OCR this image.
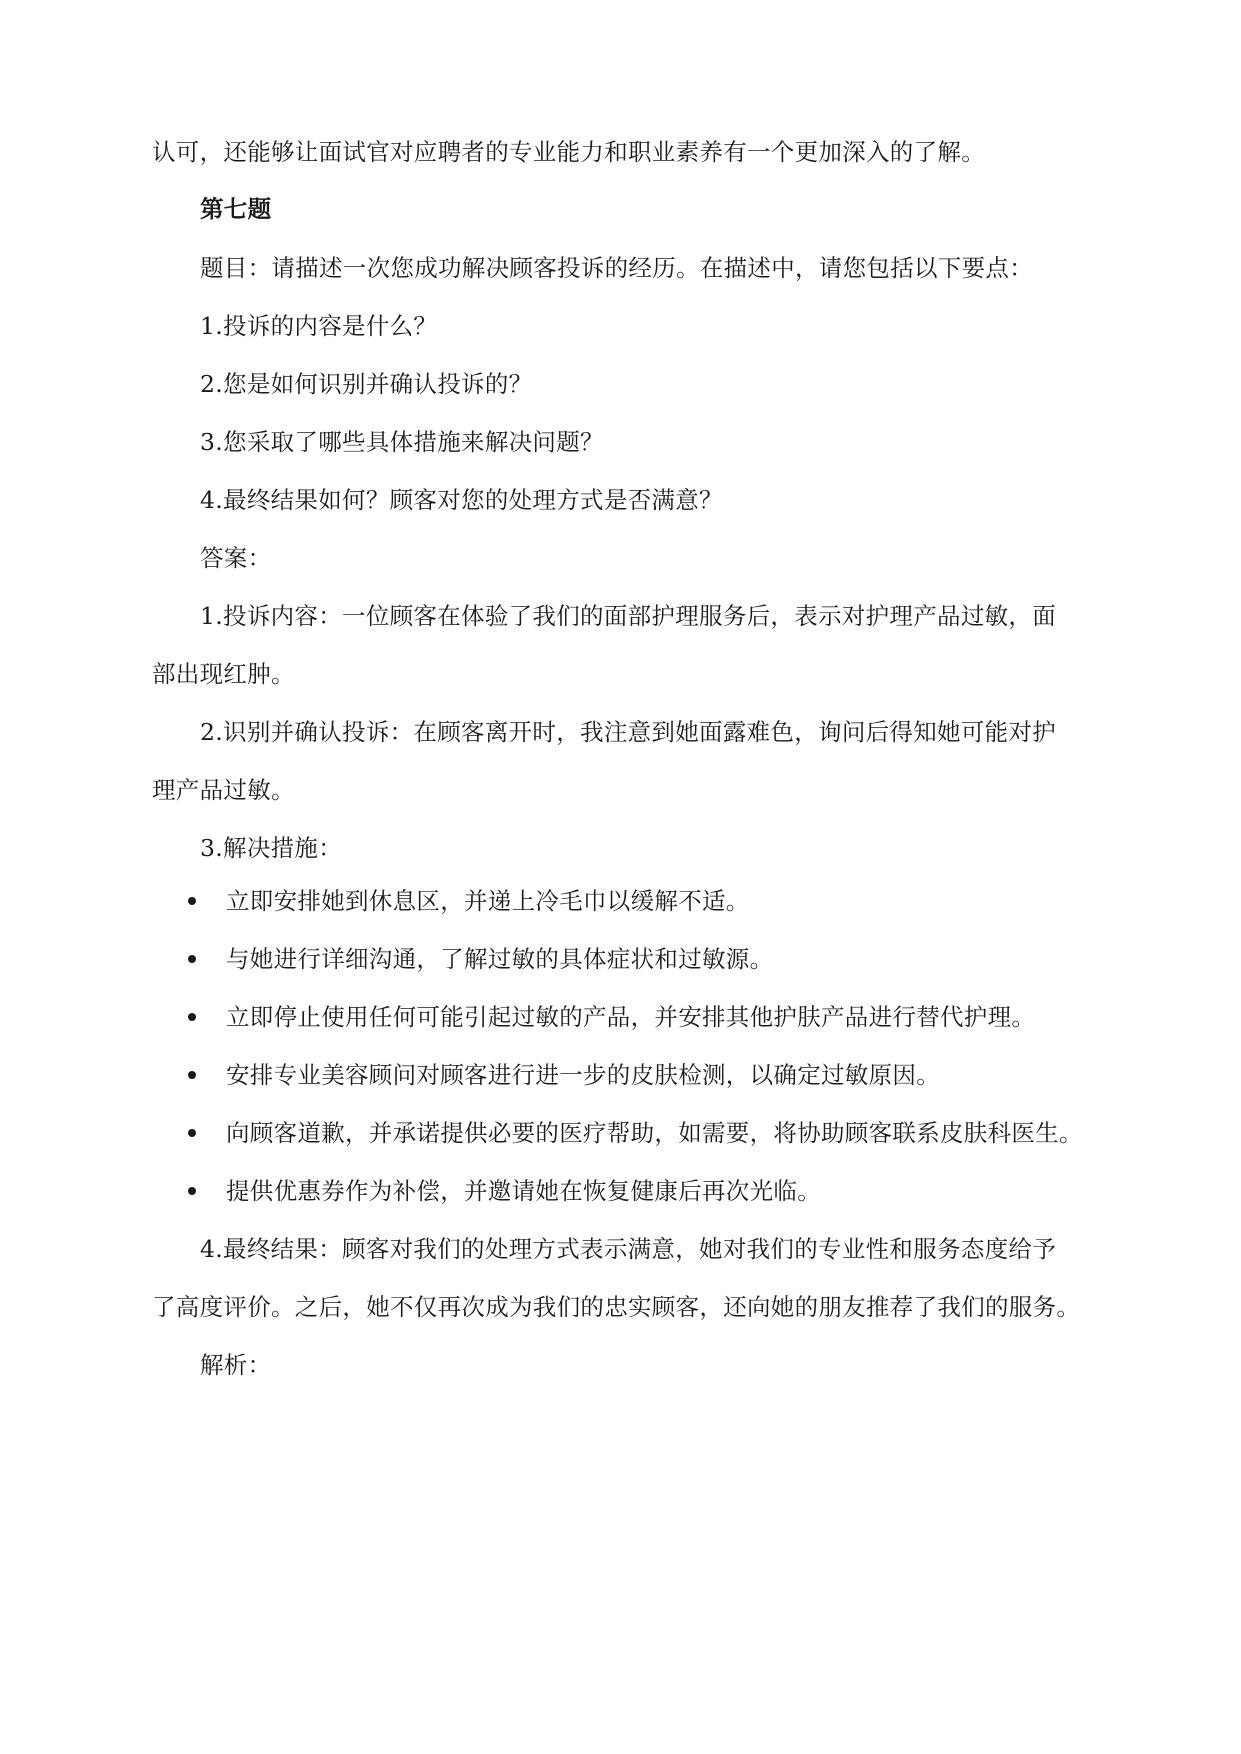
认可，还能够让面试官对应聘者的专业能力和职业素养有一个更加深入的了解。
第七题
题目：请描述一次您成功解决顾客投诉的经历。在描述中，请您包括以下要点：
1.投诉的内容是什么？
2.您是如何识别并确认投诉的？
3.您采取了哪些具体措施来解决问题？
4.最终结果如何？顾客对您的处理方式是否满意？
答案：
1.投诉内容：一位顾客在体验了我们的面部护理服务后，表示对护理产品过敏，面
部出现红肿。
2.识别并确认投诉：在顾客离开时，我注意到她面露难色，询问后得知她可能对护
理产品过敏。
3.解决措施：
立即安排她到休息区，并递上冷毛巾以缓解不适。
与她进行详细沟通，了解过敏的具体症状和过敏源。
立即停止使用任何可能引起过敏的产品，并安排其他护肤产品进行替代护理。
安排专业美容顾问对顾客进行进一步的皮肤检测，以确定过敏原因。
向顾客道歉，并承诺提供必要的医疗帮助，如需要，将协助顾客联系皮肤科医生。
提供优惠券作为补偿，并邀请她在恢复健康后再次光临。
4.最终结果：顾客对我们的处理方式表示满意，她对我们的专业性和服务态度给予
了高度评价。之后，她不仅再次成为我们的忠实顾客，还向她的朋友推荐了我们的服务。
解析：
